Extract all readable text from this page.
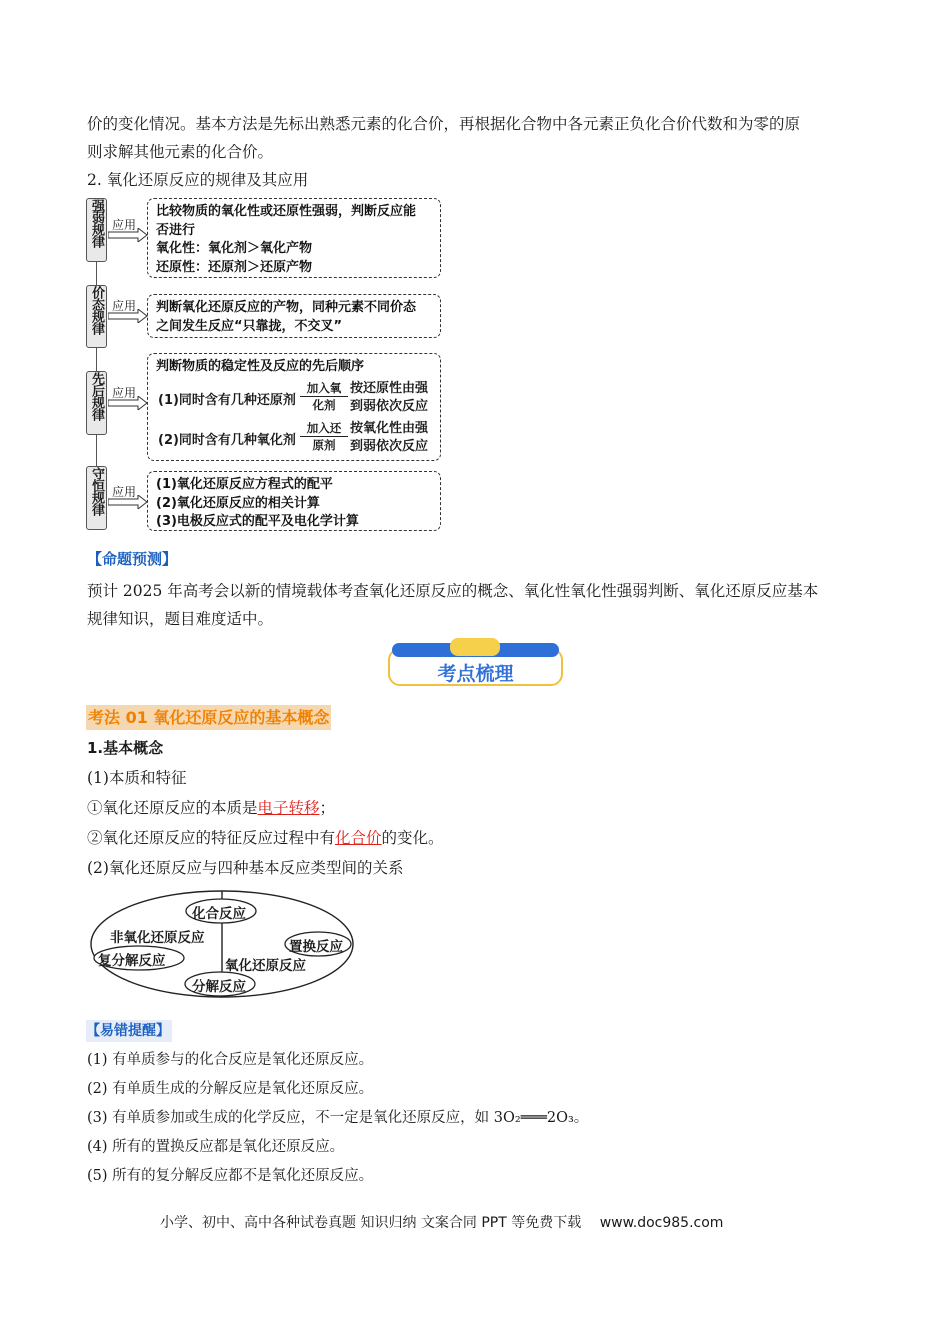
价的变化情况。基本方法是先标出熟悉元素的化合价，再根据化合物中各元素正负化合价代数和为零的原
则求解其他元素的化合价。
2. 氧化还原反应的规律及其应用
强弱规律 应用
比较物质的氧化性或还原性强弱，判断反应能
否进行
氧化性：氧化剂＞氧化产物
还原性：还原剂＞还原产物
价态规律 应用 判断氧化还原反应的产物，同种元素不同价态
之间发生反应“只靠拢，不交叉”
先后规律 应用
判断物质的稳定性及反应的先后顺序
(1)同时含有几种还原剂
加入氧
化剂
按还原性由强
到弱依次反应
(2)同时含有几种氧化剂
加入还
原剂
按氧化性由强
到弱依次反应
守恒规律 应用 (1)氧化还原反应方程式的配平
(2)氧化还原反应的相关计算
(3)电极反应式的配平及电化学计算
【命题预测】
预计 2025 年高考会以新的情境载体考查氧化还原反应的概念、氧化性氧化性强弱判断、氧化还原反应基本
规律知识，题目难度适中。
考点梳理
考法 01 氧化还原反应的基本概念
1.基本概念
(1)本质和特征
①氧化还原反应的本质是电子转移；
②氧化还原反应的特征反应过程中有化合价的变化。
(2)氧化还原反应与四种基本反应类型间的关系
化合反应
非氧化还原反应
置换反应
复分解反应	氧化还原反应
分解反应
【易错提醒】
(1) 有单质参与的化合反应是氧化还原反应。
(2) 有单质生成的分解反应是氧化还原反应。
(3) 有单质参加或生成的化学反应，不一定是氧化还原反应，如 3O₂═══2O₃。
(4) 所有的置换反应都是氧化还原反应。
(5) 所有的复分解反应都不是氧化还原反应。
小学、初中、高中各种试卷真题 知识归纳 文案合同 PPT 等免费下载 www.doc985.com
